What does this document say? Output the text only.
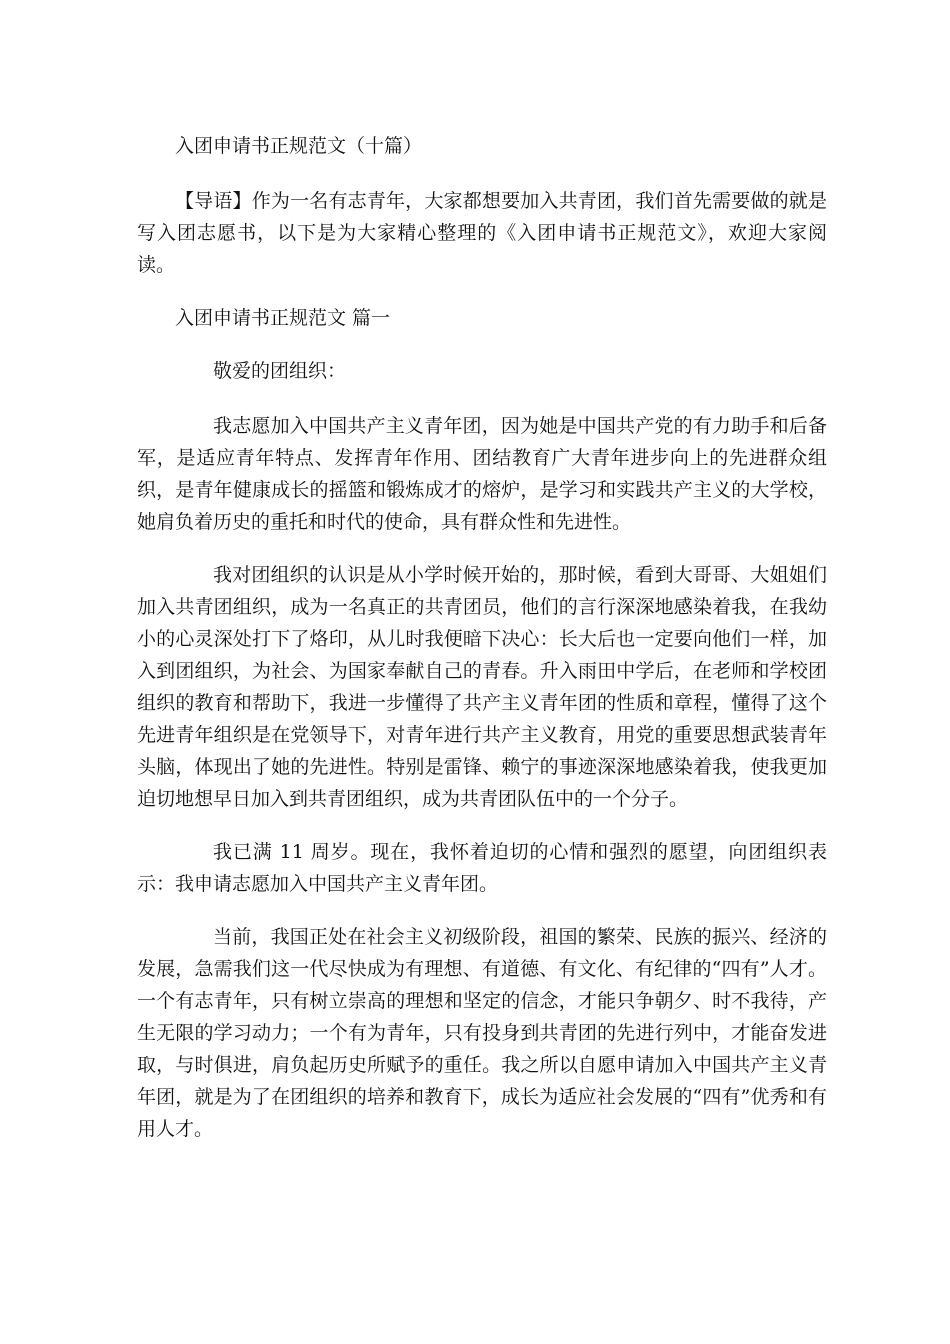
入团申请书正规范文（十篇）

【导语】作为一名有志青年，大家都想要加入共青团，我们首先需要做的就是写入团志愿书，以下是为大家精心整理的《入团申请书正规范文》，欢迎大家阅读。

入团申请书正规范文 篇一

敬爱的团组织：

我志愿加入中国共产主义青年团，因为她是中国共产党的有力助手和后备军，是适应青年特点、发挥青年作用、团结教育广大青年进步向上的先进群众组织，是青年健康成长的摇篮和锻炼成才的熔炉，是学习和实践共产主义的大学校，她肩负着历史的重托和时代的使命，具有群众性和先进性。

我对团组织的认识是从小学时候开始的，那时候，看到大哥哥、大姐姐们加入共青团组织，成为一名真正的共青团员，他们的言行深深地感染着我，在我幼小的心灵深处打下了烙印，从儿时我便暗下决心：长大后也一定要向他们一样，加入到团组织，为社会、为国家奉献自己的青春。升入雨田中学后，在老师和学校团组织的教育和帮助下，我进一步懂得了共产主义青年团的性质和章程，懂得了这个先进青年组织是在党领导下，对青年进行共产主义教育，用党的重要思想武装青年头脑，体现出了她的先进性。特别是雷锋、赖宁的事迹深深地感染着我，使我更加迫切地想早日加入到共青团组织，成为共青团队伍中的一个分子。

我已满 11 周岁。现在，我怀着迫切的心情和强烈的愿望，向团组织表示：我申请志愿加入中国共产主义青年团。

当前，我国正处在社会主义初级阶段，祖国的繁荣、民族的振兴、经济的发展，急需我们这一代尽快成为有理想、有道德、有文化、有纪律的“四有”人才。一个有志青年，只有树立崇高的理想和坚定的信念，才能只争朝夕、时不我待，产生无限的学习动力；一个有为青年，只有投身到共青团的先进行列中，才能奋发进取，与时俱进，肩负起历史所赋予的重任。我之所以自愿申请加入中国共产主义青年团，就是为了在团组织的培养和教育下，成长为适应社会发展的“四有”优秀和有用人才。
